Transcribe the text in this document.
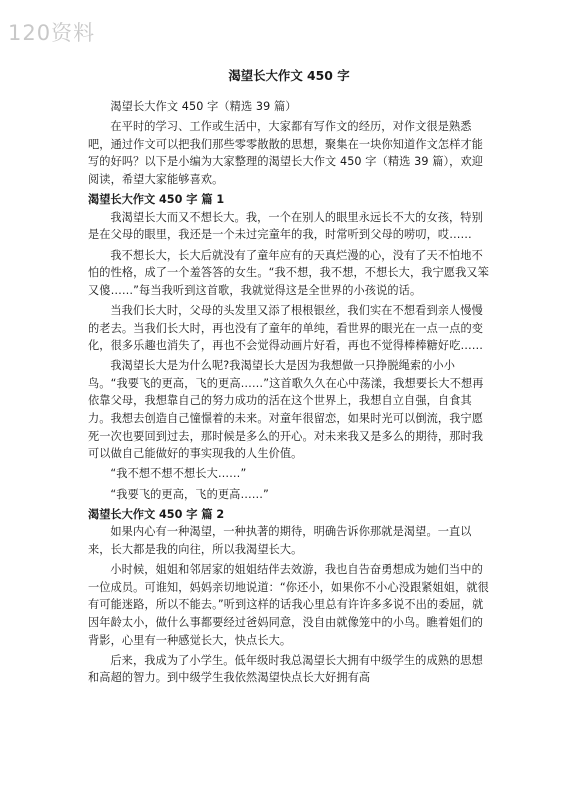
120资料
渴望长大作文 450 字
渴望长大作文 450 字（精选 39 篇）
在平时的学习、工作或生活中，大家都有写作文的经历，对作文很是熟悉吧，通过作文可以把我们那些零零散散的思想，聚集在一块你知道作文怎样才能写的好吗？以下是小编为大家整理的渴望长大作文 450 字（精选 39 篇），欢迎阅读，希望大家能够喜欢。
渴望长大作文 450 字 篇 1
我渴望长大而又不想长大。我，一个在别人的眼里永远长不大的女孩，特别是在父母的眼里，我还是一个未过完童年的我，时常听到父母的唠叨，哎……
我不想长大，长大后就没有了童年应有的天真烂漫的心，没有了天不怕地不怕的性格，成了一个羞答答的女生。“我不想，我不想，不想长大，我宁愿我又笨又傻……”每当我听到这首歌，我就觉得这是全世界的小孩说的话。
当我们长大时，父母的头发里又添了根根银丝，我们实在不想看到亲人慢慢的老去。当我们长大时，再也没有了童年的单纯，看世界的眼光在一点一点的变化，很多乐趣也消失了，再也不会觉得动画片好看，再也不觉得棒棒糖好吃……
我渴望长大是为什么呢?我渴望长大是因为我想做一只挣脱绳索的小小鸟。“我要飞的更高，飞的更高……”这首歌久久在心中荡漾，我想要长大不想再依靠父母，我想靠自己的努力成功的活在这个世界上，我想自立自强，自食其力。我想去创造自己憧憬着的未来。对童年很留恋，如果时光可以倒流，我宁愿死一次也要回到过去，那时候是多么的开心。对未来我又是多么的期待，那时我可以做自己能做好的事实现我的人生价值。
“我不想不想不想长大……”
“我要飞的更高，飞的更高……”
渴望长大作文 450 字 篇 2
如果内心有一种渴望，一种执著的期待，明确告诉你那就是渴望。一直以来，长大都是我的向往，所以我渴望长大。
小时候，姐姐和邻居家的姐姐结伴去效游，我也自告奋勇想成为她们当中的一位成员。可谁知，妈妈亲切地说道：“你还小，如果你不小心没跟紧姐姐，就很有可能迷路，所以不能去。”听到这样的话我心里总有许许多多说不出的委屈，就因年龄太小，做什么事都要经过爸妈同意，没自由就像笼中的小鸟。瞧着姐们的背影，心里有一种感觉长大，快点长大。
后来，我成为了小学生。低年级时我总渴望长大拥有中级学生的成熟的思想和高超的智力。到中级学生我依然渴望快点长大好拥有高
